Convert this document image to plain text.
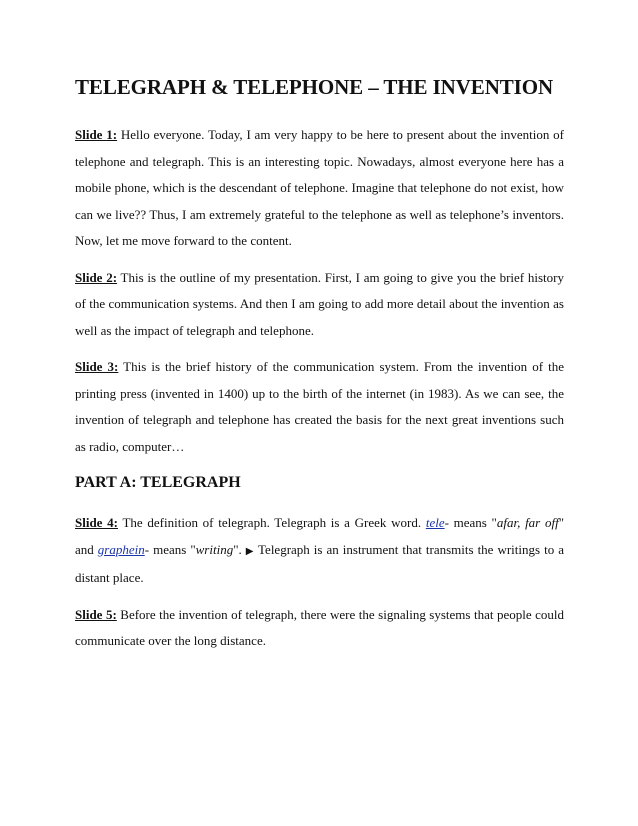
TELEGRAPH & TELEPHONE – THE INVENTION

Slide 1: Hello everyone. Today, I am very happy to be here to present about the invention of telephone and telegraph. This is an interesting topic. Nowadays, almost everyone here has a mobile phone, which is the descendant of telephone. Imagine that telephone do not exist, how can we live?? Thus, I am extremely grateful to the telephone as well as telephone’s inventors. Now, let me move forward to the content.

Slide 2: This is the outline of my presentation. First, I am going to give you the brief history of the communication systems. And then I am going to add more detail about the invention as well as the impact of telegraph and telephone.

Slide 3: This is the brief history of the communication system. From the invention of the printing press (invented in 1400) up to the birth of the internet (in 1983). As we can see, the invention of telegraph and telephone has created the basis for the next great inventions such as radio, computer…

PART A: TELEGRAPH

Slide 4: The definition of telegraph. Telegraph is a Greek word. tele- means "afar, far off" and graphein- means "writing". ▶ Telegraph is an instrument that transmits the writings to a distant place.

Slide 5: Before the invention of telegraph, there were the signaling systems that people could communicate over the long distance.
